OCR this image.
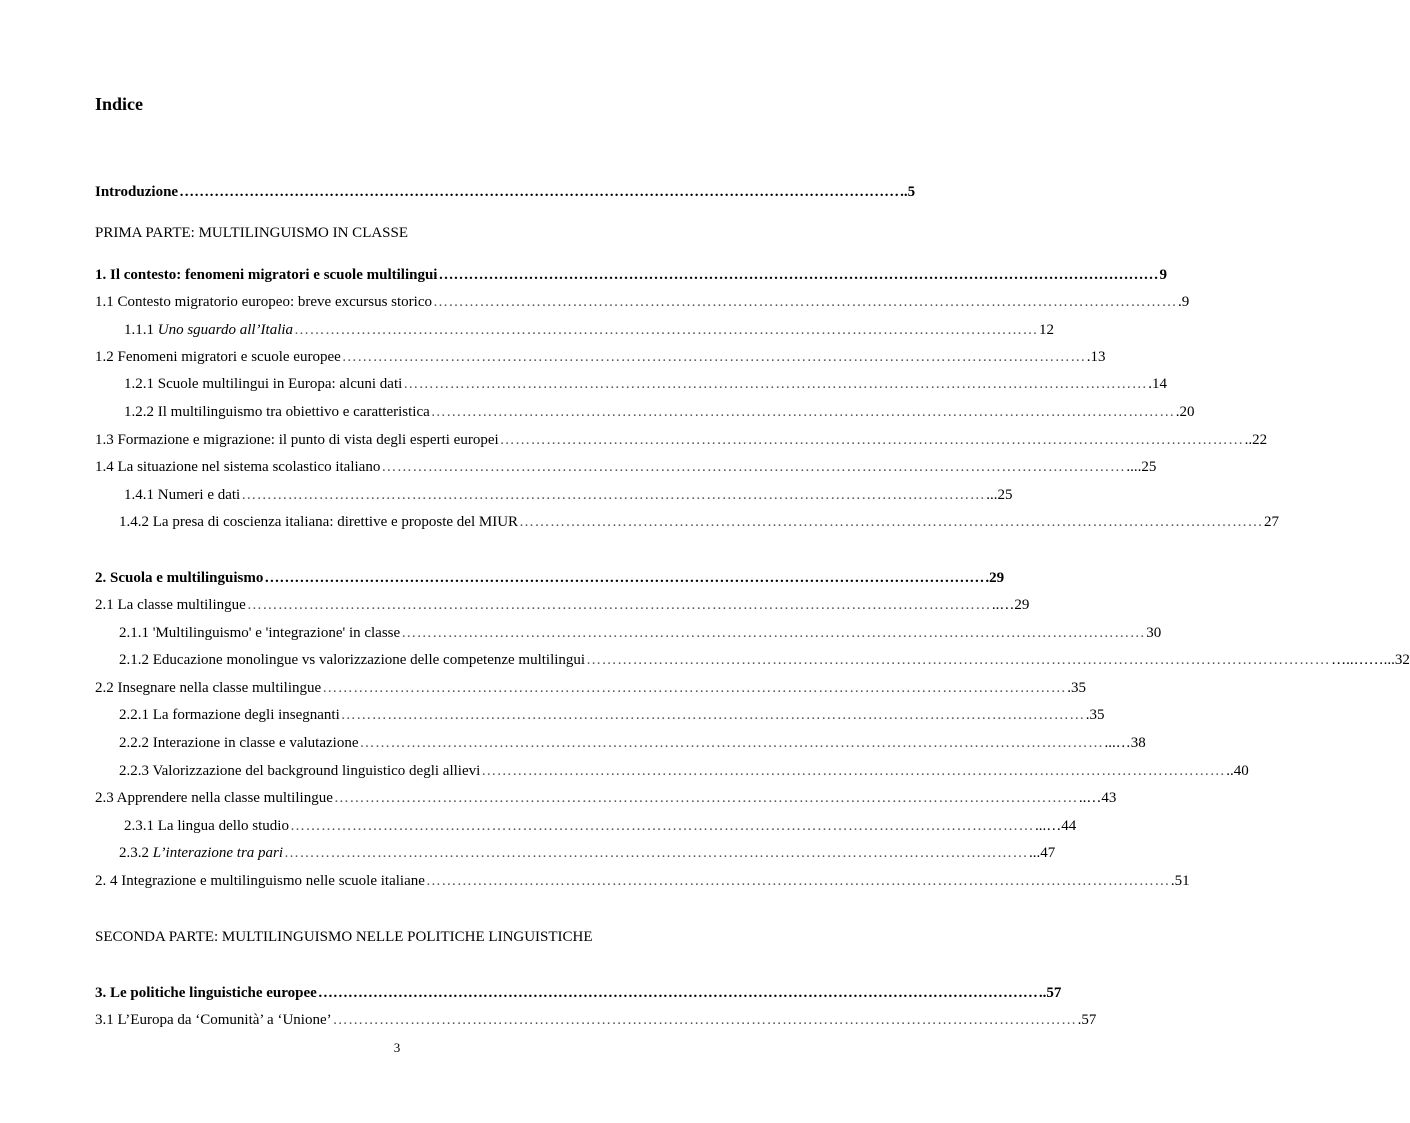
Indice
Introduzione ……………………………………………………………………………………………………………………………… ..5
PRIMA PARTE: MULTILINGUISMO IN CLASSE
1. Il contesto: fenomeni migratori e scuole multilingui ……………………………………………………………………………………………………………………………… 9
1.1 Contesto migratorio europeo: breve excursus storico ……………………………………………………………………………………………………………………………… .9
1.1.1 Uno sguardo all’Italia ……………………………………………………………………………………………………………………………… 12
1.2 Fenomeni migratori e scuole europee ……………………………………………………………………………………………………………………………… .13
1.2.1 Scuole multilingui in Europa: alcuni dati ……………………………………………………………………………………………………………………………… .14
1.2.2 Il multilinguismo tra obiettivo e caratteristica ……………………………………………………………………………………………………………………………… .20
1.3 Formazione e migrazione: il punto di vista degli esperti europei ……………………………………………………………………………………………………………………………… ..22
1.4 La situazione nel sistema scolastico italiano ……………………………………………………………………………………………………………………………… ....25
1.4.1 Numeri e dati ……………………………………………………………………………………………………………………………… ...25
1.4.2 La presa di coscienza italiana: direttive e proposte del MIUR ……………………………………………………………………………………………………………………………… 27
2. Scuola e multilinguismo ……………………………………………………………………………………………………………………………… .29
2.1 La classe multilingue ……………………………………………………………………………………………………………………………… ..…29
2.1.1 'Multilinguismo' e 'integrazione' in classe ……………………………………………………………………………………………………………………………… 30
2.1.2 Educazione monolingue vs valorizzazione delle competenze multilingui ……………………………………………………………………………………………………………………………… …..……...32
2.2 Insegnare nella classe multilingue ……………………………………………………………………………………………………………………………… .35
2.2.1 La formazione degli insegnanti ……………………………………………………………………………………………………………………………… .35
2.2.2 Interazione in classe e valutazione ……………………………………………………………………………………………………………………………… ...…38
2.2.3 Valorizzazione del background linguistico degli allievi ……………………………………………………………………………………………………………………………… ..40
2.3 Apprendere nella classe multilingue ……………………………………………………………………………………………………………………………… ..…43
2.3.1 La lingua dello studio ……………………………………………………………………………………………………………………………… ...…44
2.3.2 L’interazione tra pari ……………………………………………………………………………………………………………………………… ...47
2. 4 Integrazione e multilinguismo nelle scuole italiane ……………………………………………………………………………………………………………………………… .51
SECONDA PARTE: MULTILINGUISMO NELLE POLITICHE LINGUISTICHE
3. Le politiche linguistiche europee ……………………………………………………………………………………………………………………………… ..57
3.1 L’Europa da ‘Comunità’ a ‘Unione’ ……………………………………………………………………………………………………………………………… .57
3
